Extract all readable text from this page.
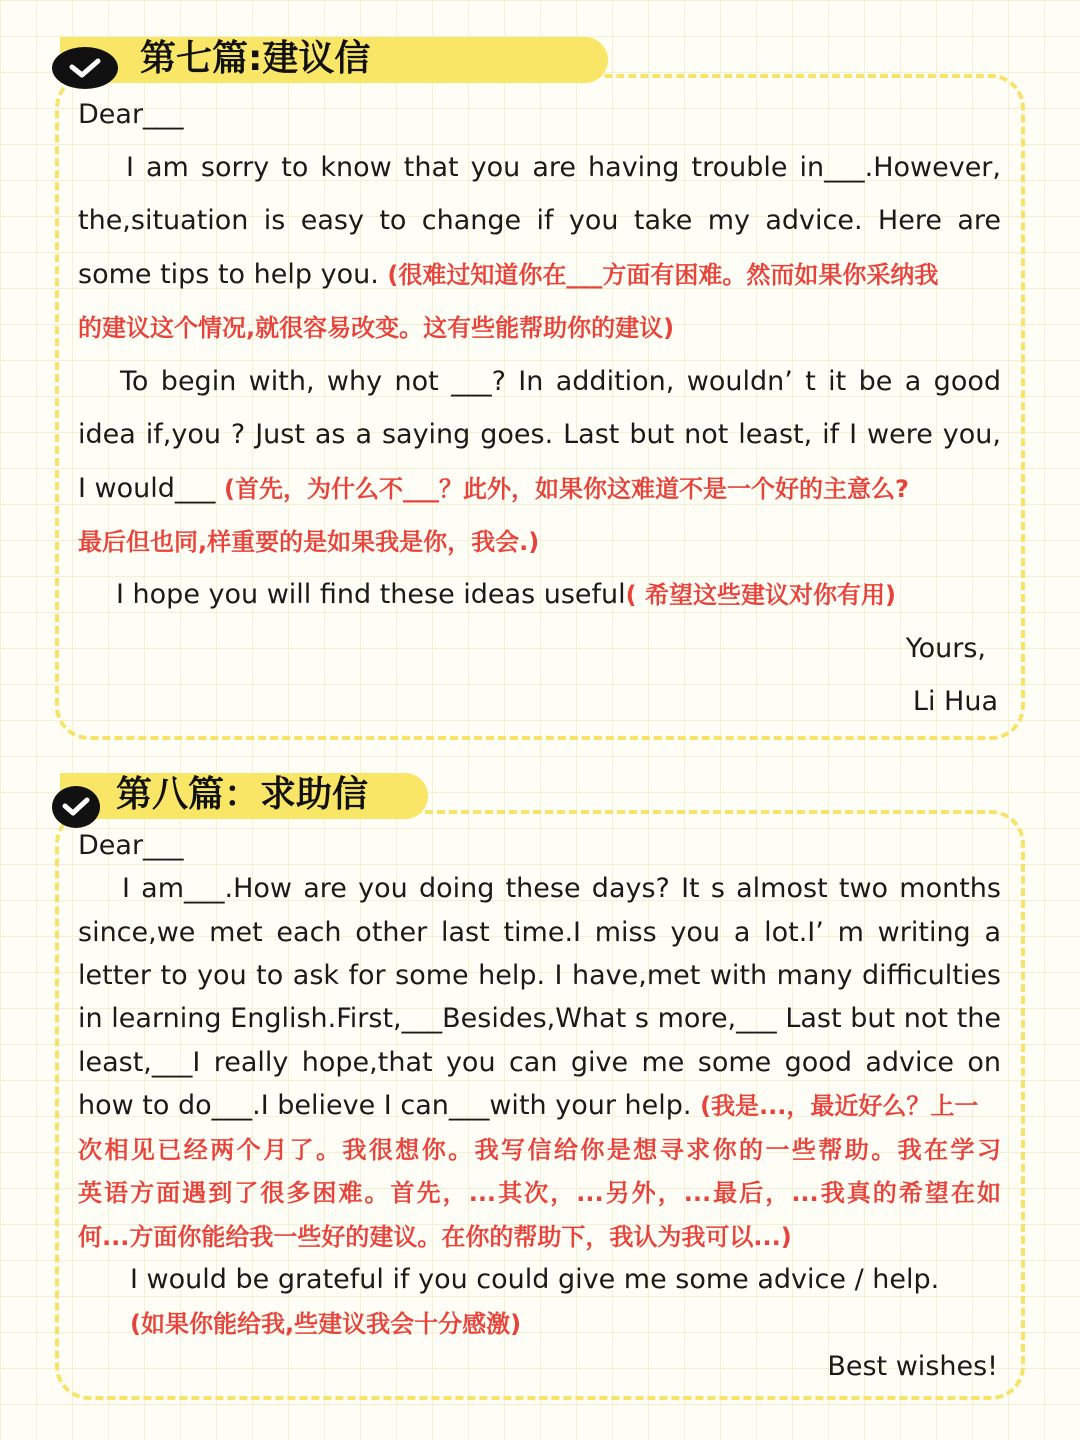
第七篇:建议信
第八篇：求助信
Dear___
I am sorry to know that you are having trouble in___.However,
the,situation is easy to change if you take my advice. Here are
some tips to help you. (很难过知道你在___方面有困难。然而如果你采纳我
的建议这个情况,就很容易改变。这有些能帮助你的建议)
To begin with, why not ___? In addition, wouldn’ t it be a good
idea if,you ? Just as a saying goes. Last but not least, if I were you,
I would___ (首先，为什么不___？此外，如果你这难道不是一个好的主意么?
最后但也同,样重要的是如果我是你，我会.)
I hope you will find these ideas useful( 希望这些建议对你有用)
Yours,
Li Hua
Dear___
I am___.How are you doing these days? It s almost two months
since,we met each other last time.I miss you a lot.I’ m writing a
letter to you to ask for some help. I have,met with many difficulties
in learning English.First,___Besides,What s more,___ Last but not the
least,___I really hope,that you can give me some good advice on
how to do___.I believe I can___with your help. (我是...，最近好么？上一
次相见已经两个月了。我很想你。我写信给你是想寻求你的一些帮助。我在学习
英语方面遇到了很多困难。首先，...其次，...另外，...最后，...我真的希望在如
何...方面你能给我一些好的建议。在你的帮助下，我认为我可以...)
I would be grateful if you could give me some advice / help.
(如果你能给我,些建议我会十分感激)
Best wishes!
